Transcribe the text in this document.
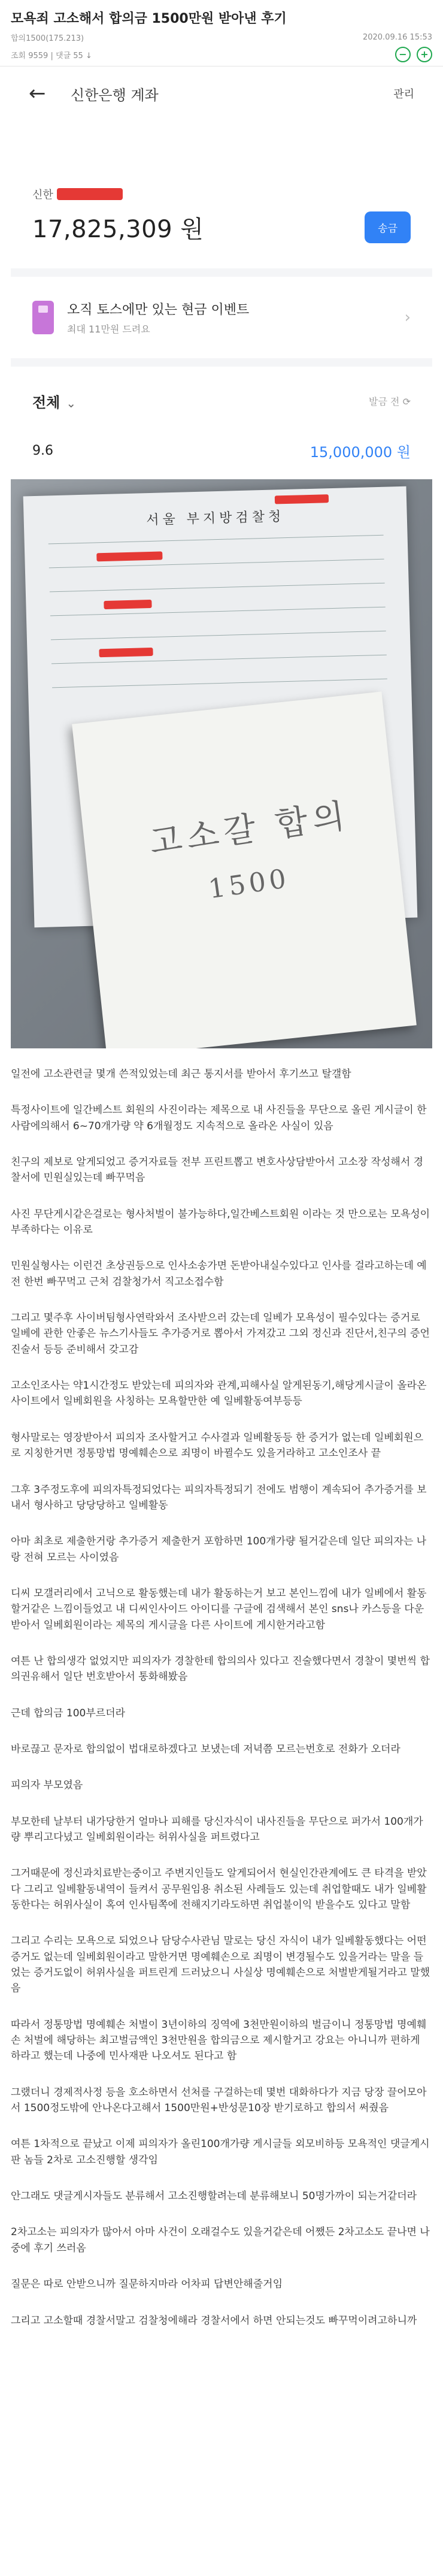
모욕죄 고소해서 합의금 1500만원 받아낸 후기
합의1500(175.213)	2020.09.16 15:53
조회 9559 | 댓글 55 ↓	−	+
←	신한은행 계좌	관리
신한
17,825,309 원	송금
오직 토스에만 있는 현금 이벤트
최대 11만원 드려요
›
전체 ⌄	발금 전 ⟳
9.6	15,000,000 원
서울 부지방검찰청
고소갈 합의
1500

일전에 고소관련글 몇개 쓴적있었는데 최근 통지서를 받아서 후기쓰고 탈갤함

특정사이트에 일간베스트 회원의 사진이라는 제목으로 내 사진들을 무단으로 올린 게시글이 한 사람에의해서 6~70개가량 약 6개월정도 지속적으로 올라온 사실이 있음

친구의 제보로 알게되었고 증거자료들 전부 프린트뽑고 변호사상담받아서 고소장 작성해서 경찰서에 민원실있는데 빠꾸먹음

사진 무단게시같은걸로는 형사처벌이 불가능하다,일간베스트회원 이라는 것 만으로는 모욕성이 부족하다는 이유로

민원실형사는 이런건 초상권등으로 인사소송가면 돈받아내실수있다고 인사를 걸라고하는데 예전 한번 빠꾸먹고 근처 검찰청가서 직고소접수함

그리고 몇주후 사이버팀형사연락와서 조사받으러 갔는데 일베가 모욕성이 필수있다는 증거로 일베에 관한 안좋은 뉴스기사들도 추가증거로 뽑아서 가져갔고 그외 정신과 진단서,친구의 증언진술서 등등 준비해서 갖고감

고소인조사는 약1시간정도 받았는데 피의자와 관계,피해사실 알게된동기,해당게시글이 올라온 사이트에서 일베회원을 사칭하는 모욕할만한 예 일베활동여부등등

형사말로는 영장받아서 피의자 조사할거고 수사결과 일베활동등 한 증거가 없는데 일베회원으로 지칭한거면 정통망법 명예훼손으로 죄명이 바뀔수도 있을거라하고 고소인조사 끝

그후 3주정도후에 피의자특정되었다는 피의자특정되기 전에도 범행이 계속되어 추가증거를 보내서 형사하고 당당당하고 일베활동

아마 최초로 제출한거랑 추가증거 제출한거 포함하면 100개가량 될거같은데 일단 피의자는 나랑 전혀 모르는 사이였음

디씨 모갤러리에서 고닉으로 활동했는데 내가 활동하는거 보고 본인느낌에 내가 일베에서 활동할거같은 느낌이들었고 내 디씨인사이드 아이디를 구글에 검색해서 본인 sns나 카스등을 다운받아서 일베회원이라는 제목의 게시글을 다른 사이트에 게시한거라고함

여튼 난 합의생각 없었지만 피의자가 경찰한테 합의의사 있다고 진술했다면서 경찰이 몇번씩 합의권유해서 일단 번호받아서 통화해봤음

근데 합의금 100부르더라

바로끊고 문자로 합의없이 법대로하겠다고 보냈는데 저녁쯤 모르는번호로 전화가 오더라

피의자 부모였음

부모한테 날부터 내가당한거 얼마나 피해를 당신자식이 내사진들을 무단으로 퍼가서 100개가량 뿌리고다녔고 일베회원이라는 허위사실을 퍼트렸다고

그거때문에 정신과치료받는중이고 주변지인들도 알게되어서 현실인간관계에도 큰 타격을 받았다 그리고 일베활동내역이 들켜서 공무원임용 취소된 사례들도 있는데 취업할때도 내가 일베활동한다는 허위사실이 혹여 인사팀쪽에 전해지기라도하면 취업불이익 받을수도 있다고 말함

그리고 수리는 모욕으로 되었으나 담당수사관님 말로는 당신 자식이 내가 일베활동했다는 어떤증거도 없는데 일베회원이라고 말한거면 명예훼손으로 죄명이 변경될수도 있을거라는 말을 들었는 증거도없이 허위사실을 퍼트린게 드러났으니 사실상 명예훼손으로 처벌받게될거라고 말했음

따라서 정통망법 명예훼손 처벌이 3년이하의 징역에 3천만원이하의 벌금이니 정통망법 명예훼손 처벌에 해당하는 최고벌금액인 3천만원을 합의금으로 제시할거고 강요는 아니니까 편하게 하라고 했는데 나중에 민사재판 나오셔도 된다고 함

그랬더니 경제적사정 등을 호소하면서 선처를 구걸하는데 몇번 대화하다가 지금 당장 끌어모아서 1500정도밖에 안나온다고해서 1500만원+반성문10장 받기로하고 합의서 써줬음

여튼 1차적으로 끝났고 이제 피의자가 올린100개가량 게시글들 외모비하등 모욕적인 댓글게시판 놈들 2차로 고소진행할 생각임

안그래도 댓글게시자들도 분류해서 고소진행할려는데 분류해보니 50명가까이 되는거같더라

2차고소는 피의자가 많아서 아마 사건이 오래걸수도 있을거같은데 어쨌든 2차고소도 끝나면 나중에 후기 쓰러옴

질문은 따로 안받으니까 질문하지마라 어차피 답변안해줄거임

그리고 고소할때 경찰서말고 검찰청에해라 경찰서에서 하면 안되는것도 빠꾸먹이려고하니까
